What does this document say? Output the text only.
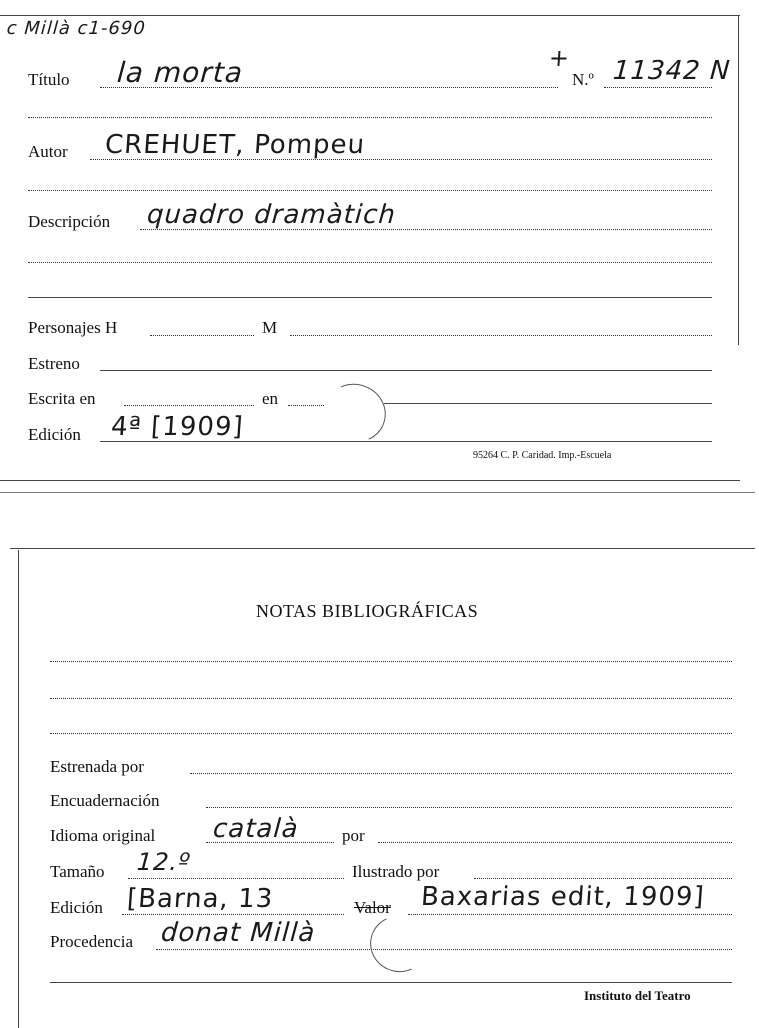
c Millà c1-690
Título la morta	+
N.º 11342 N
Autor CREHUET, Pompeu
Descripción quadro dramàtich
Personajes H	M
Estreno
Escrita en	en
Edición 4ª [1909]
95264 C. P. Caridad. Imp.-Escuela
NOTAS BIBLIOGRÁFICAS
Estrenada por
Encuadernación
Idioma original català por
Tamaño 12.º	Ilustrado por
Edición [Barna, 13	Valor Baxarias edit, 1909]
Procedencia donat Millà
Instituto del Teatro
